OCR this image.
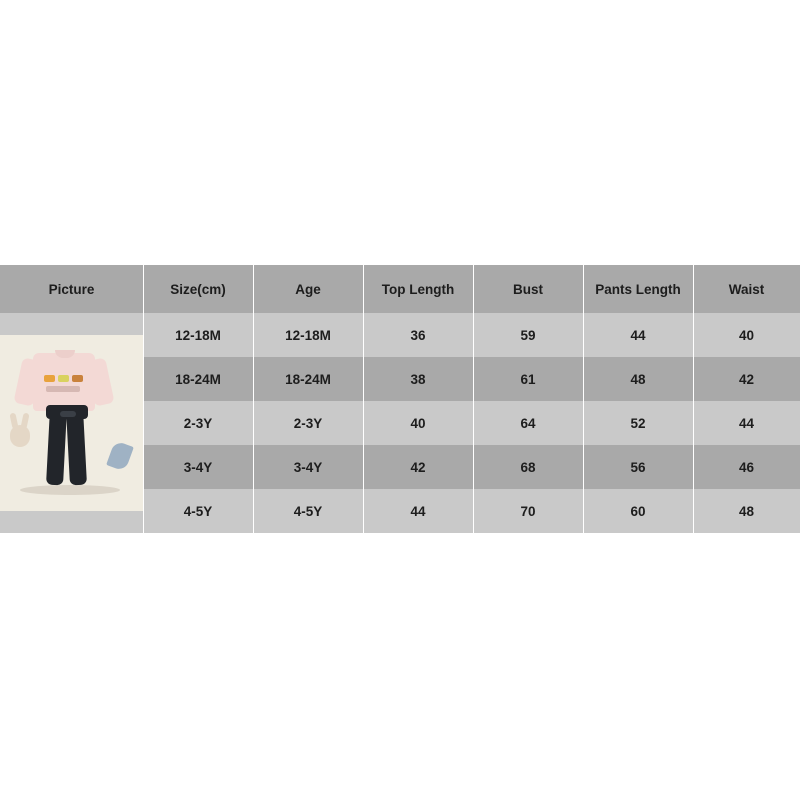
Picture	Size(cm)	Age	Top Length	Bust	Pants Length	Waist

	12-18M	12-18M	36	59	44	40
	18-24M	18-24M	38	61	48	42
	2-3Y	2-3Y	40	64	52	44
	3-4Y	3-4Y	42	68	56	46
	4-5Y	4-5Y	44	70	60	48
